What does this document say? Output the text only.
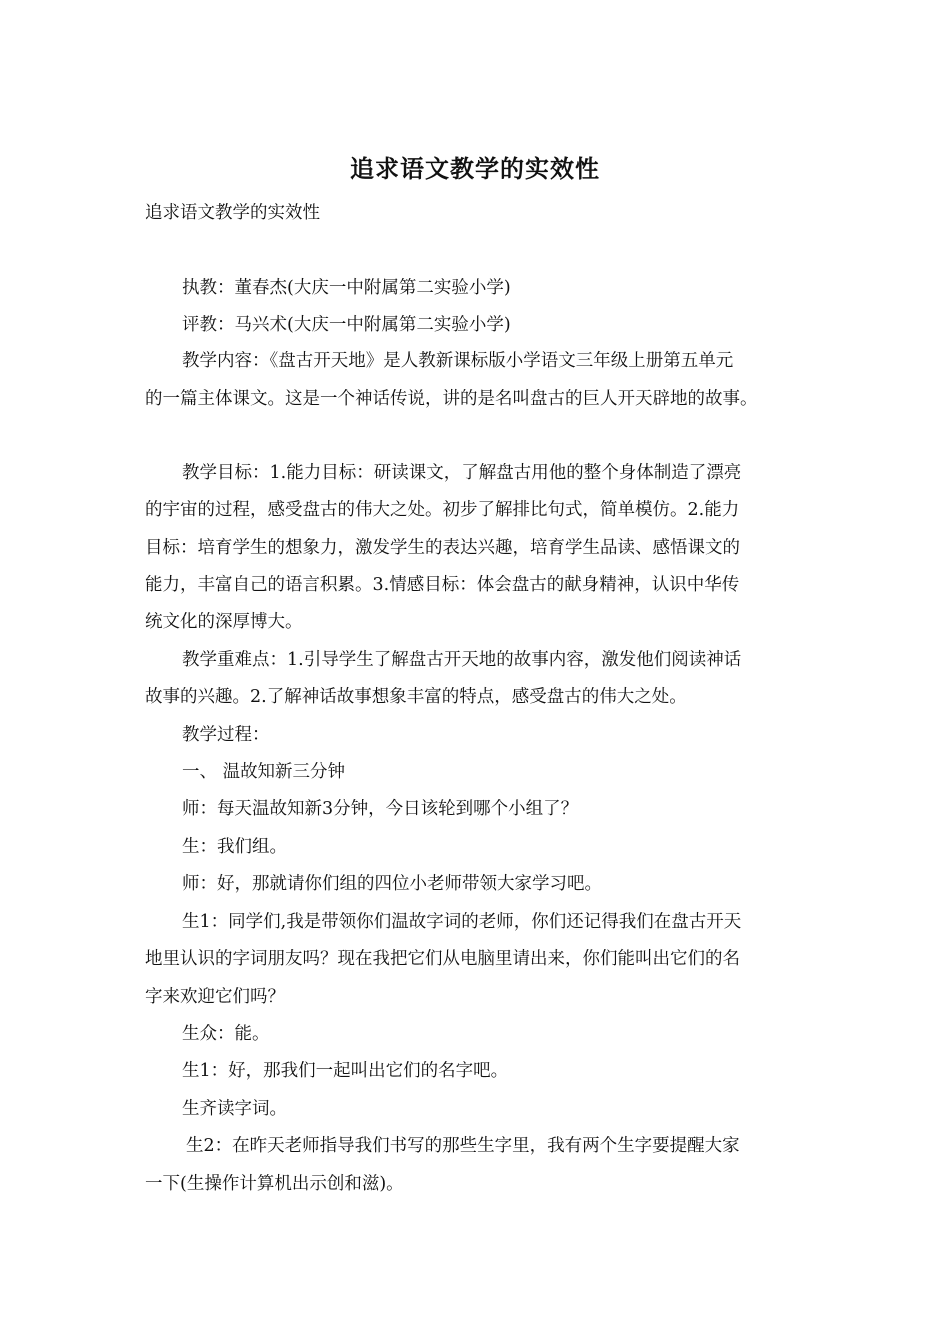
追求语文教学的实效性
追求语文教学的实效性
执教：董春杰(大庆一中附属第二实验小学)
评教：马兴术(大庆一中附属第二实验小学)
教学内容：《盘古开天地》是人教新课标版小学语文三年级上册第五单元
的一篇主体课文。这是一个神话传说，讲的是名叫盘古的巨人开天辟地的故事。
教学目标：1.能力目标：研读课文，了解盘古用他的整个身体制造了漂亮
的宇宙的过程，感受盘古的伟大之处。初步了解排比句式，简单模仿。2.能力
目标：培育学生的想象力，激发学生的表达兴趣，培育学生品读、感悟课文的
能力，丰富自己的语言积累。3.情感目标：体会盘古的献身精神，认识中华传
统文化的深厚博大。
教学重难点：1.引导学生了解盘古开天地的故事内容，激发他们阅读神话
故事的兴趣。2.了解神话故事想象丰富的特点，感受盘古的伟大之处。
教学过程：
一、 温故知新三分钟
师：每天温故知新3分钟，今日该轮到哪个小组了？
生：我们组。
师：好，那就请你们组的四位小老师带领大家学习吧。
生1：同学们,我是带领你们温故字词的老师，你们还记得我们在盘古开天
地里认识的字词朋友吗？现在我把它们从电脑里请出来，你们能叫出它们的名
字来欢迎它们吗？
生众：能。
生1：好，那我们一起叫出它们的名字吧。
生齐读字词。
生2：在昨天老师指导我们书写的那些生字里，我有两个生字要提醒大家
一下(生操作计算机出示创和滋)。
